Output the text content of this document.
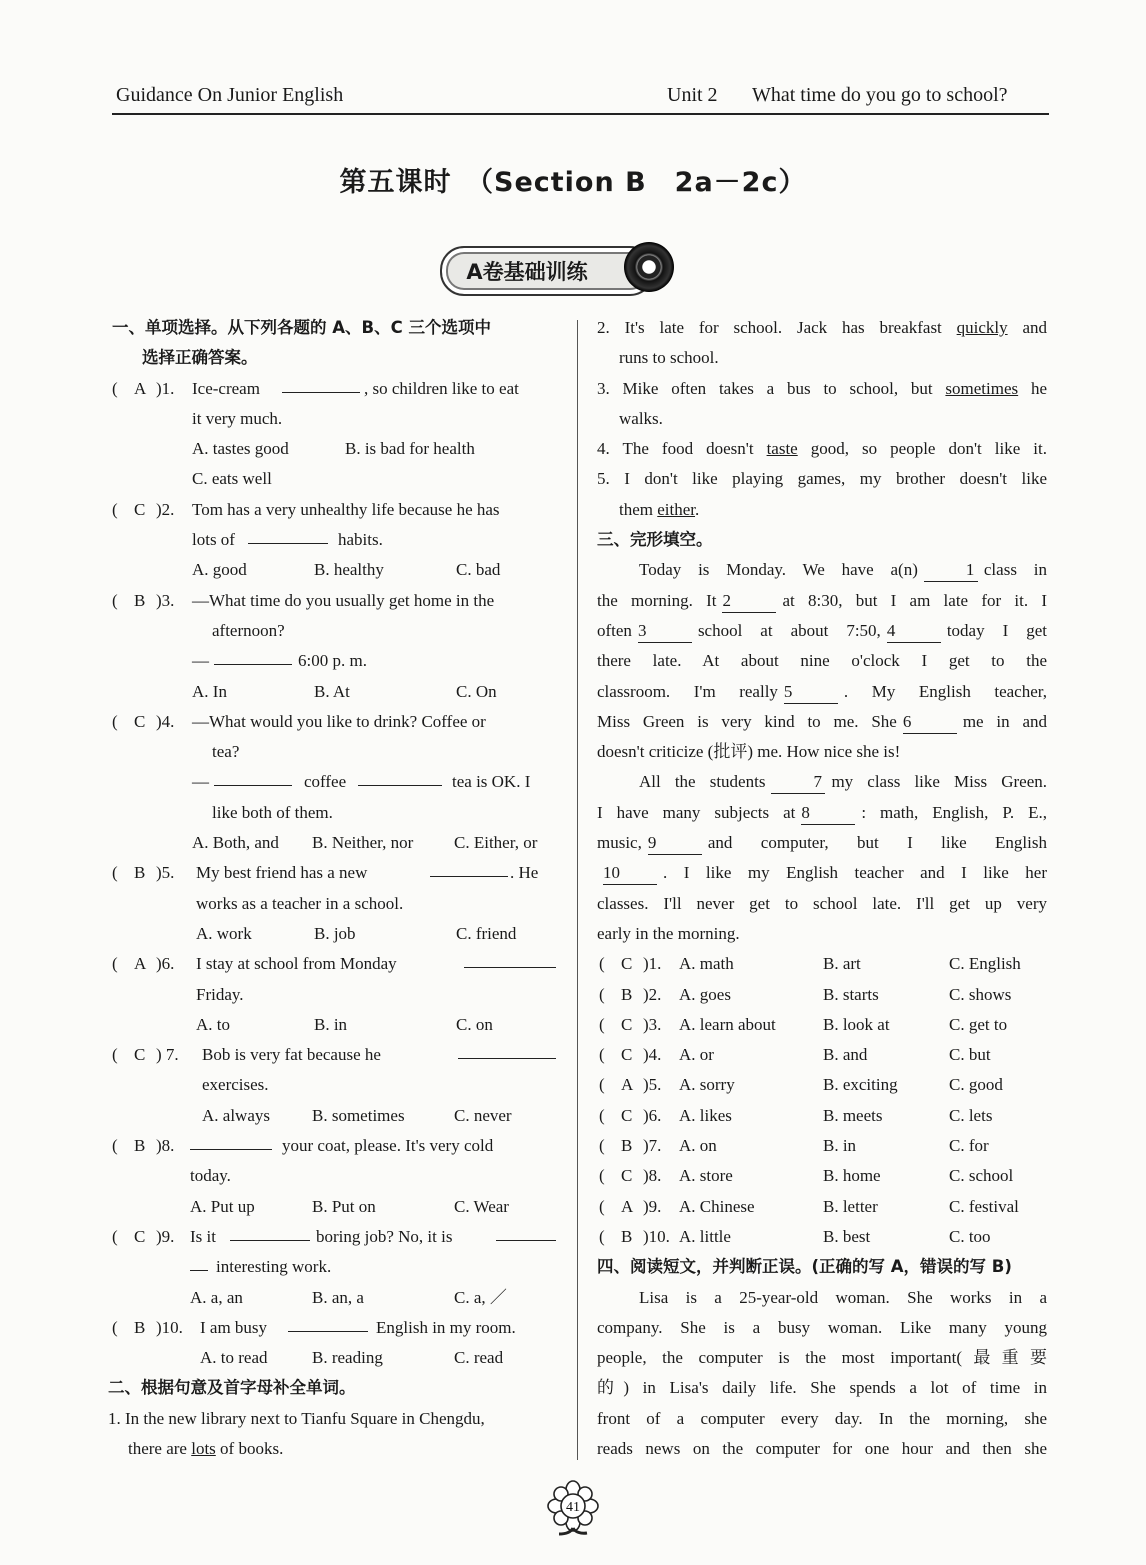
Guidance On Junior English	Unit 2 What time do you go to school?
第五课时　（Section B　2a－2c）
A卷基础训练

一、单项选择。从下列各题的 A、B、C 三个选项中

选择正确答案。

( A )1. Ice-cream	, so children like to eat
it very much.
A. tastes good	B. is bad for health
C. eats well
( C )2. Tom has a very unhealthy life because he has
lots of	habits.
A. good	B. healthy	C. bad
( B )3. —What time do you usually get home in the
afternoon?
—	6:00 p. m.
A. In	B. At	C. On
( C )4. —What would you like to drink? Coffee or
tea?
—	coffee	tea is OK. I
like both of them.
A. Both, and B. Neither, nor C. Either, or
( B )5. My best friend has a new	. He
works as a teacher in a school.
A. work	B. job	C. friend
( A )6. I stay at school from Monday
Friday.
A. to	B. in	C. on
( C ) 7. Bob is very fat because he
exercises.
A. always B. sometimes	C. never
( B )8.	your coat, please. It's very cold
today.
A. Put up	B. Put on	C. Wear
( C )9. Is it	boring job? No, it is
interesting work.
A. a, an	B. an, a	C. a, ／
( B )10. I am busy	English in my room.
A. to read	B. reading	C. read

二、根据句意及首字母补全单词。

1. In the new library next to Tianfu Square in Chengdu,
there are lots of books.

2. It's late for school. Jack has breakfast quickly and

runs to school.

3. Mike often takes a bus to school, but sometimes he

walks.

4. The food doesn't taste good, so people don't like it.

5. I don't like playing games, my brother doesn't like

them either.

三、完形填空。

Today is Monday. We have a(n)	1 class in

the morning. It 2	at 8:30, but I am late for it. I

often 3	school at about 7:50, 4	today I get

there late. At about nine o'clock I get to the

classroom. I'm really 5	. My English teacher,

Miss Green is very kind to me. She 6	me in and

doesn't criticize (批评) me. How nice she is!

All the students	7 my class like Miss Green.

I have many subjects at 8	: math, English, P. E.,

music, 9	and computer, but I like English

10	. I like my English teacher and I like her

classes. I'll never get to school late. I'll get up very

early in the morning.

( C )1. A. math	B. art	C. English
( B )2. A. goes	B. starts	C. shows
( C )3. A. learn about	B. look at	C. get to
( C )4. A. or	B. and	C. but
( A )5. A. sorry	B. exciting	C. good
( C )6. A. likes	B. meets	C. lets
( B )7. A. on	B. in	C. for
( C )8. A. store	B. home	C. school
( A )9. A. Chinese	B. letter	C. festival
( B )10. A. little	B. best	C. too

四、阅读短文，并判断正误。(正确的写 A，错误的写 B)

Lisa is a 25-year-old woman. She works in a

company. She is a busy woman. Like many young

people, the computer is the most important(最重要

的) in Lisa's daily life. She spends a lot of time in

front of a computer every day. In the morning, she

reads news on the computer for one hour and then she

41
